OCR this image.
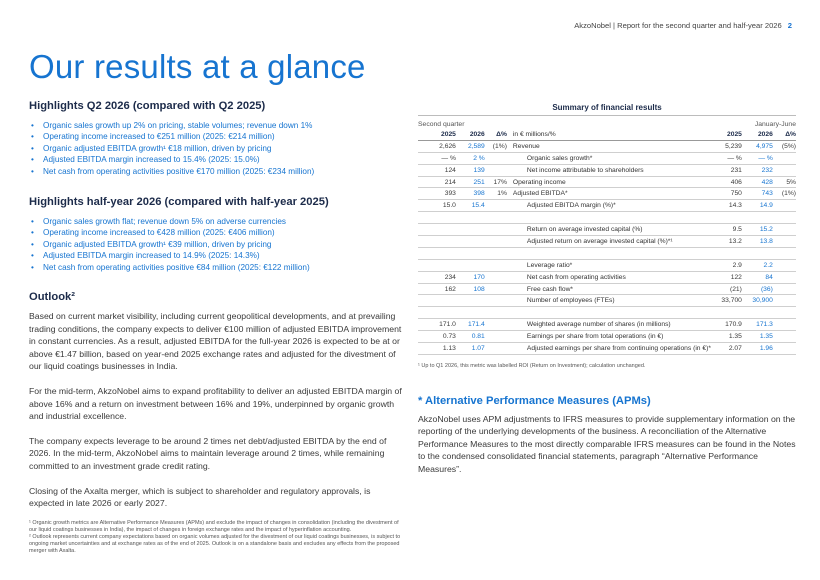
AkzoNobel | Report for the second quarter and half-year 2026 2
Our results at a glance
Highlights Q2 2026 (compared with Q2 2025)
• Organic sales growth up 2% on pricing, stable volumes; revenue down 1%
• Operating income increased to €251 million (2025: €214 million)
• Organic adjusted EBITDA growth¹ €18 million, driven by pricing
• Adjusted EBITDA margin increased to 15.4% (2025: 15.0%)
• Net cash from operating activities positive €170 million (2025: €234 million)
Highlights half-year 2026 (compared with half-year 2025)
• Organic sales growth flat; revenue down 5% on adverse currencies
• Operating income increased to €428 million (2025: €406 million)
• Organic adjusted EBITDA growth¹ €39 million, driven by pricing
• Adjusted EBITDA margin increased to 14.9% (2025: 14.3%)
• Net cash from operating activities positive €84 million (2025: €122 million)
Outlook²

Based on current market visibility, including current geopolitical developments, and at prevailing trading conditions, the company expects to deliver €100 million of adjusted EBITDA improvement in constant currencies. As a result, adjusted EBITDA for the full-year 2026 is expected to be at or above €1.47 billion, based on year-end 2025 exchange rates and adjusted for the divestment of our liquid coatings businesses in India.

For the mid-term, AkzoNobel aims to expand profitability to deliver an adjusted EBITDA margin of above 16% and a return on investment between 16% and 19%, underpinned by organic growth and industrial excellence.

The company expects leverage to be around 2 times net debt/adjusted EBITDA by the end of 2026. In the mid-term, AkzoNobel aims to maintain leverage around 2 times, while remaining committed to an investment grade credit rating.

Closing of the Axalta merger, which is subject to shareholder and regulatory approvals, is expected in late 2026 or early 2027.

¹ Organic growth metrics are Alternative Performance Measures (APMs) and exclude the impact of changes in consolidation (including the divestment of our liquid coatings businesses in India), the impact of changes in foreign exchange rates and the impact of hyperinflation accounting.

² Outlook represents current company expectations based on organic volumes adjusted for the divestment of our liquid coatings businesses, is subject to ongoing market uncertainties and at exchange rates as of the end of 2025. Outlook is on a standalone basis and excludes any effects from the proposed merger with Axalta.

Summary of financial results
Second quarter	January-June
2025	2026	Δ%	in € millions/%	2025	2026	Δ%
2,626	2,589	(1%)	Revenue	5,239	4,975	(5%)
— %	2 %		Organic sales growth*	— %	— %	
124	139		Net income attributable to shareholders	231	232	
214	251	17%	Operating income	406	428	5%
393	398	1%	Adjusted EBITDA*	750	743	(1%)
15.0	15.4		Adjusted EBITDA margin (%)*	14.3	14.9	

			Return on average invested capital (%)	9.5	15.2	
			Adjusted return on average invested capital (%)*¹	13.2	13.8	

			Leverage ratio*	2.9	2.2	
234	170		Net cash from operating activities	122	84	
162	108		Free cash flow*	(21)	(36)	
			Number of employees (FTEs)	33,700	30,900	

171.0	171.4		Weighted average number of shares (in millions)	170.9	171.3	
0.73	0.81		Earnings per share from total operations (in €)	1.35	1.35	
1.13	1.07		Adjusted earnings per share from continuing operations (in €)*	2.07	1.96	

¹ Up to Q1 2026, this metric was labelled ROI (Return on Investment); calculation unchanged.

* Alternative Performance Measures (APMs)

AkzoNobel uses APM adjustments to IFRS measures to provide supplementary information on the reporting of the underlying developments of the business. A reconciliation of the Alternative Performance Measures to the most directly comparable IFRS measures can be found in the Notes to the condensed consolidated financial statements, paragraph “Alternative Performance Measures”.
